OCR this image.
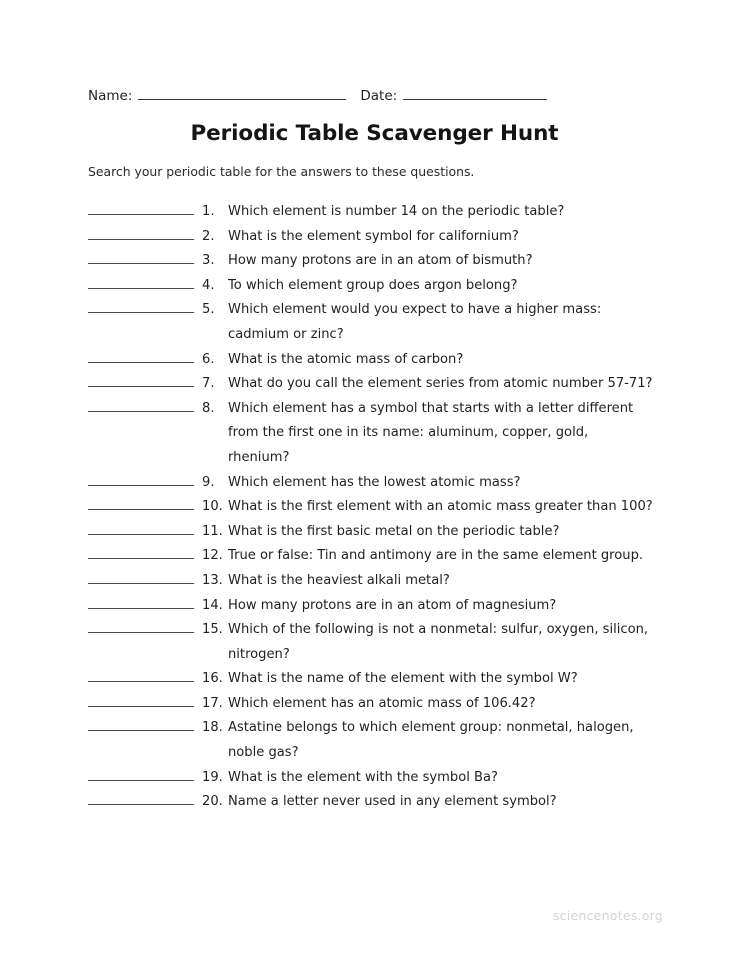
Name:	Date:
Periodic Table Scavenger Hunt
Search your periodic table for the answers to these questions.
1. Which element is number 14 on the periodic table?
2. What is the element symbol for californium?
3. How many protons are in an atom of bismuth?
4. To which element group does argon belong?
5. Which element would you expect to have a higher mass:
cadmium or zinc?
6. What is the atomic mass of carbon?
7. What do you call the element series from atomic number 57-71?
8. Which element has a symbol that starts with a letter different
from the first one in its name: aluminum, copper, gold,
rhenium?
9. Which element has the lowest atomic mass?
10. What is the first element with an atomic mass greater than 100?
11. What is the first basic metal on the periodic table?
12. True or false: Tin and antimony are in the same element group.
13. What is the heaviest alkali metal?
14. How many protons are in an atom of magnesium?
15. Which of the following is not a nonmetal: sulfur, oxygen, silicon,
nitrogen?
16. What is the name of the element with the symbol W?
17. Which element has an atomic mass of 106.42?
18. Astatine belongs to which element group: nonmetal, halogen,
noble gas?
19. What is the element with the symbol Ba?
20. Name a letter never used in any element symbol?
sciencenotes.org
